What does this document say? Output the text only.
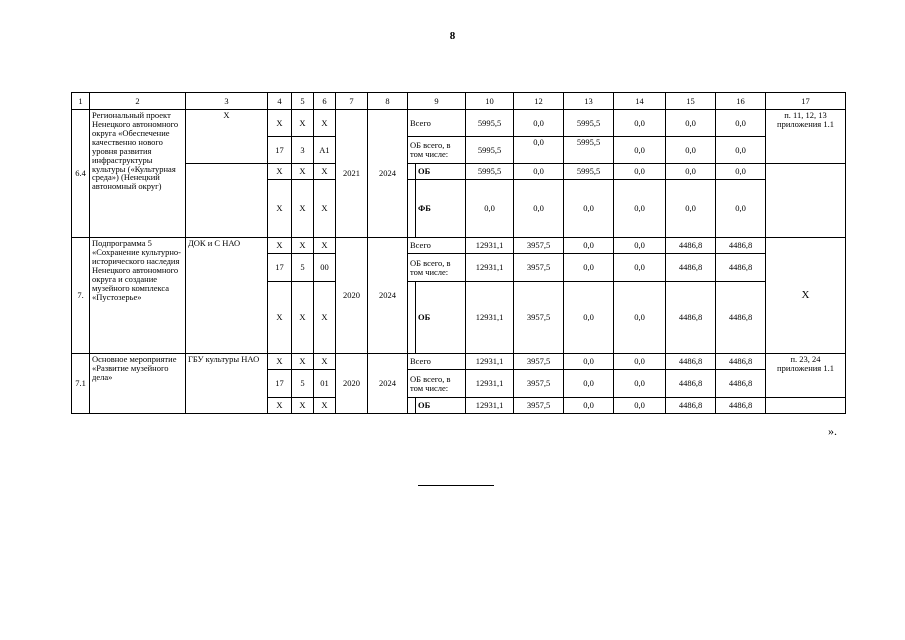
8
1	2	3	4	5	6	7	8	9		10	12	13	14	15	16	17
6.4	Региональный проект Ненецкого автономного округа «Обеспечение качественно нового уровня развития инфраструктуры культуры («Культурная среда») (Ненецкий автономный округ)	Х	Х	Х	Х	2021	2024	Всего		5995,5	0,0	5995,5	0,0	0,0	0,0	п. 11, 12, 13 приложения 1.1
			17	3	А1			ОБ всего, в том числе:		5995,5	0,0	5995,5	0,0	0,0	0,0	
			Х	Х	Х				ОБ	5995,5	0,0	5995,5	0,0	0,0	0,0	
			Х	Х	Х				ФБ	0,0	0,0	0,0	0,0	0,0	0,0	
7.	Подпрограмма 5 «Сохранение культурно-исторического наследия Ненецкого автономного округа и создание музейного комплекса «Пустозерье»	ДОК и С НАО	Х	Х	Х	2020	2024	Всего		12931,1	3957,5	0,0	0,0	4486,8	4486,8	Х
			17	5	00			ОБ всего, в том числе:		12931,1	3957,5	0,0	0,0	4486,8	4486,8	
			Х	Х	Х				ОБ	12931,1	3957,5	0,0	0,0	4486,8	4486,8	
7.1	Основное мероприятие «Развитие музейного дела»	ГБУ культуры НАО	Х	Х	Х	2020	2024	Всего		12931,1	3957,5	0,0	0,0	4486,8	4486,8	п. 23, 24 приложения 1.1
			17	5	01			ОБ всего, в том числе:		12931,1	3957,5	0,0	0,0	4486,8	4486,8	
			Х	Х	Х				ОБ	12931,1	3957,5	0,0	0,0	4486,8	4486,8	
».
